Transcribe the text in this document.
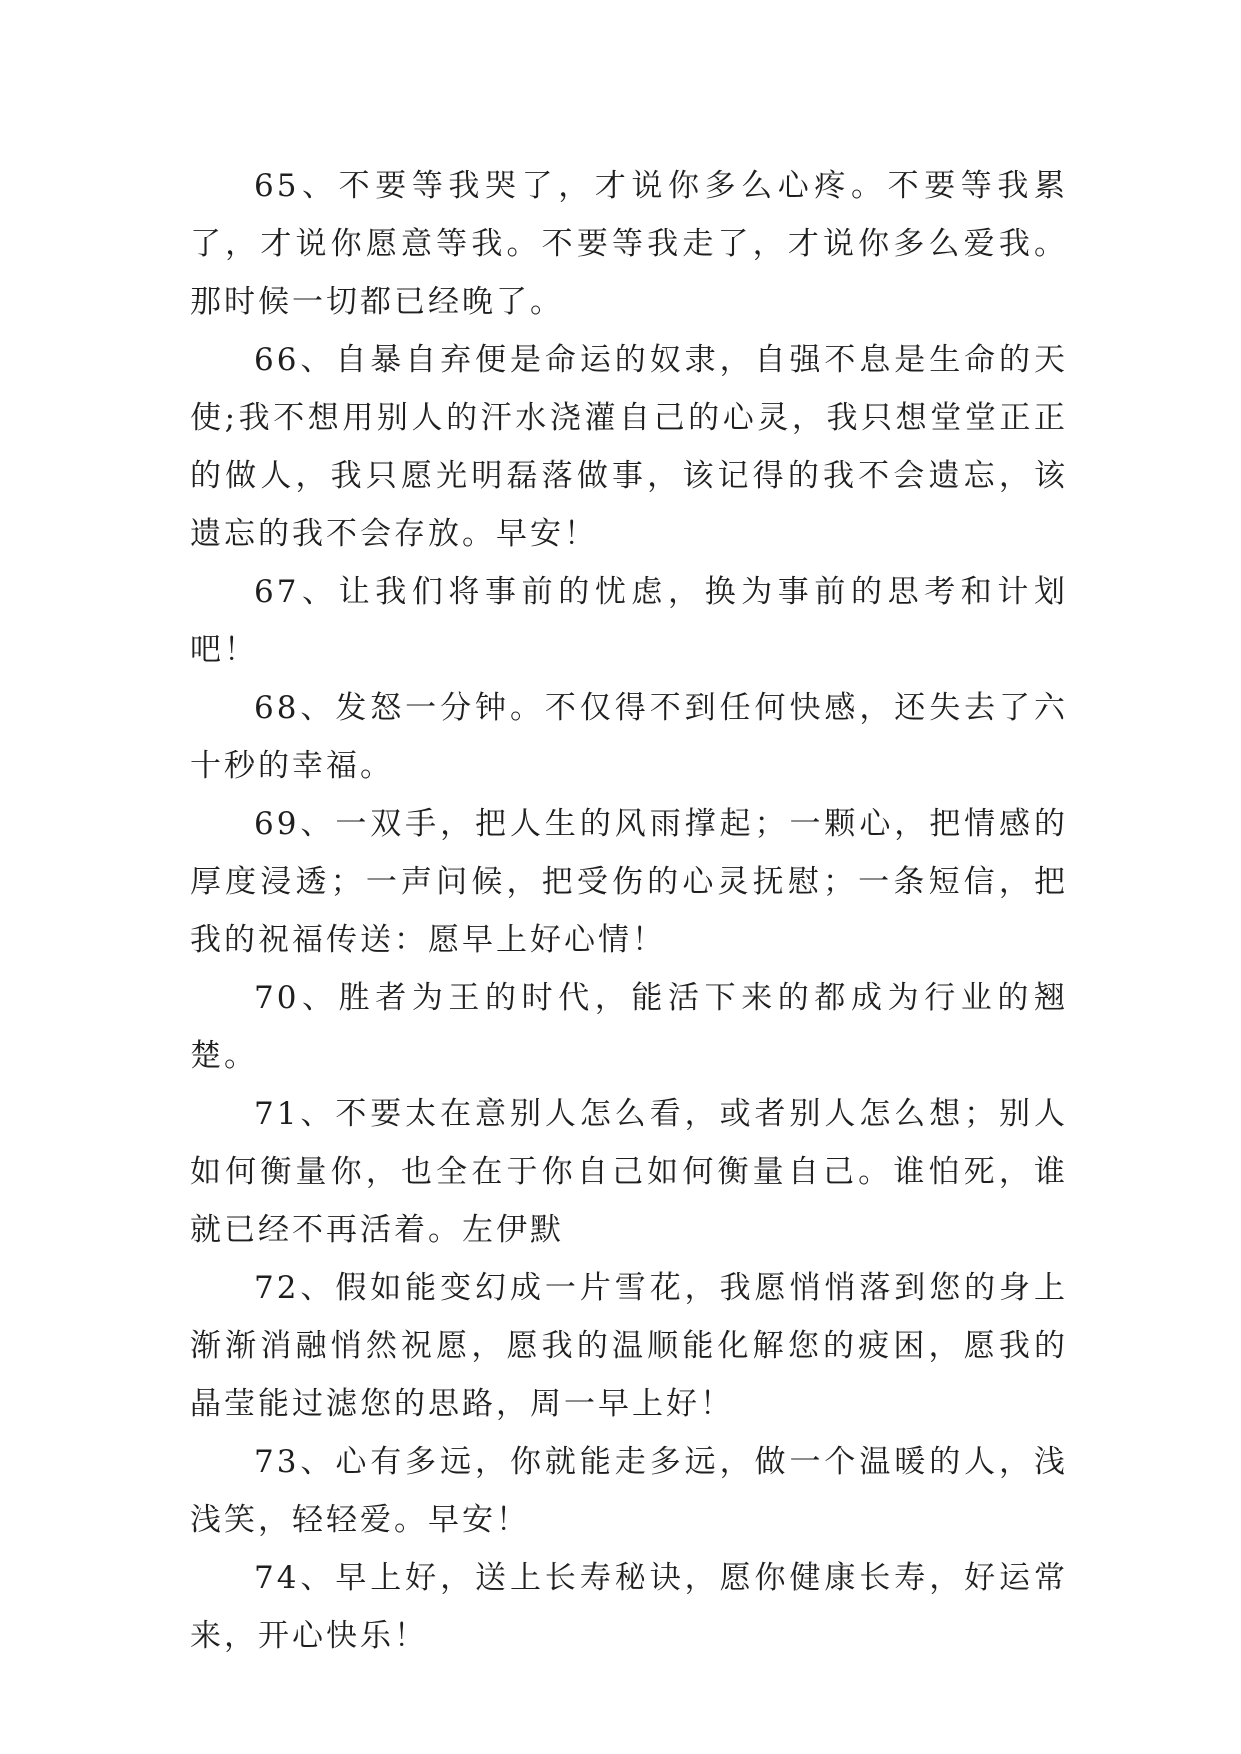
65、不要等我哭了，才说你多么心疼。不要等我累了，才说你愿意等我。不要等我走了，才说你多么爱我。那时候一切都已经晚了。

66、自暴自弃便是命运的奴隶，自强不息是生命的天使;我不想用别人的汗水浇灌自己的心灵，我只想堂堂正正的做人，我只愿光明磊落做事，该记得的我不会遗忘，该遗忘的我不会存放。早安！

67、让我们将事前的忧虑，换为事前的思考和计划吧！

68、发怒一分钟。不仅得不到任何快感，还失去了六十秒的幸福。

69、一双手，把人生的风雨撑起；一颗心，把情感的厚度浸透；一声问候，把受伤的心灵抚慰；一条短信，把我的祝福传送：愿早上好心情！

70、胜者为王的时代，能活下来的都成为行业的翘楚。

71、不要太在意别人怎么看，或者别人怎么想；别人如何衡量你，也全在于你自己如何衡量自己。谁怕死，谁就已经不再活着。左伊默

72、假如能变幻成一片雪花，我愿悄悄落到您的身上渐渐消融悄然祝愿，愿我的温顺能化解您的疲困，愿我的晶莹能过滤您的思路，周一早上好！

73、心有多远，你就能走多远，做一个温暖的人，浅浅笑，轻轻爱。早安！

74、早上好，送上长寿秘诀，愿你健康长寿，好运常来，开心快乐！
